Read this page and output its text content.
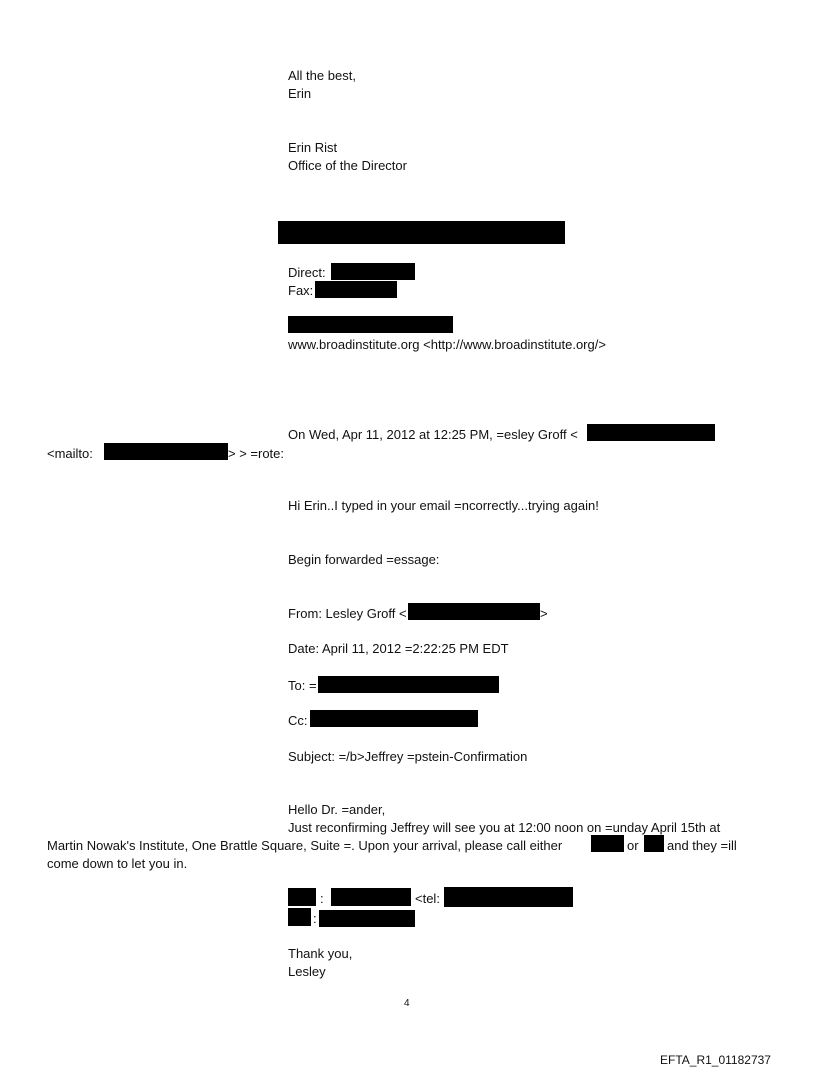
All the best,
Erin
Erin Rist
Office of the Director
Direct:
Fax:
www.broadinstitute.org <http://www.broadinstitute.org/>
On Wed, Apr 11, 2012 at 12:25 PM, =esley Groff <
<mailto:	> > =rote:
Hi Erin..I typed in your email =ncorrectly...trying again!
Begin forwarded =essage:
From: Lesley Groff <	>
Date: April 11, 2012 =2:22:25 PM EDT
To: =
Cc:
Subject: =/b>Jeffrey =pstein-Confirmation
Hello Dr. =ander,
Just reconfirming Jeffrey will see you at 12:00 noon on =unday April 15th at
Martin Nowak's Institute, One Brattle Square, Suite =. Upon your arrival, please call either	or and they =ill
come down to let you in.
:	<tel:
:
Thank you,
Lesley
4
EFTA_R1_01182737
